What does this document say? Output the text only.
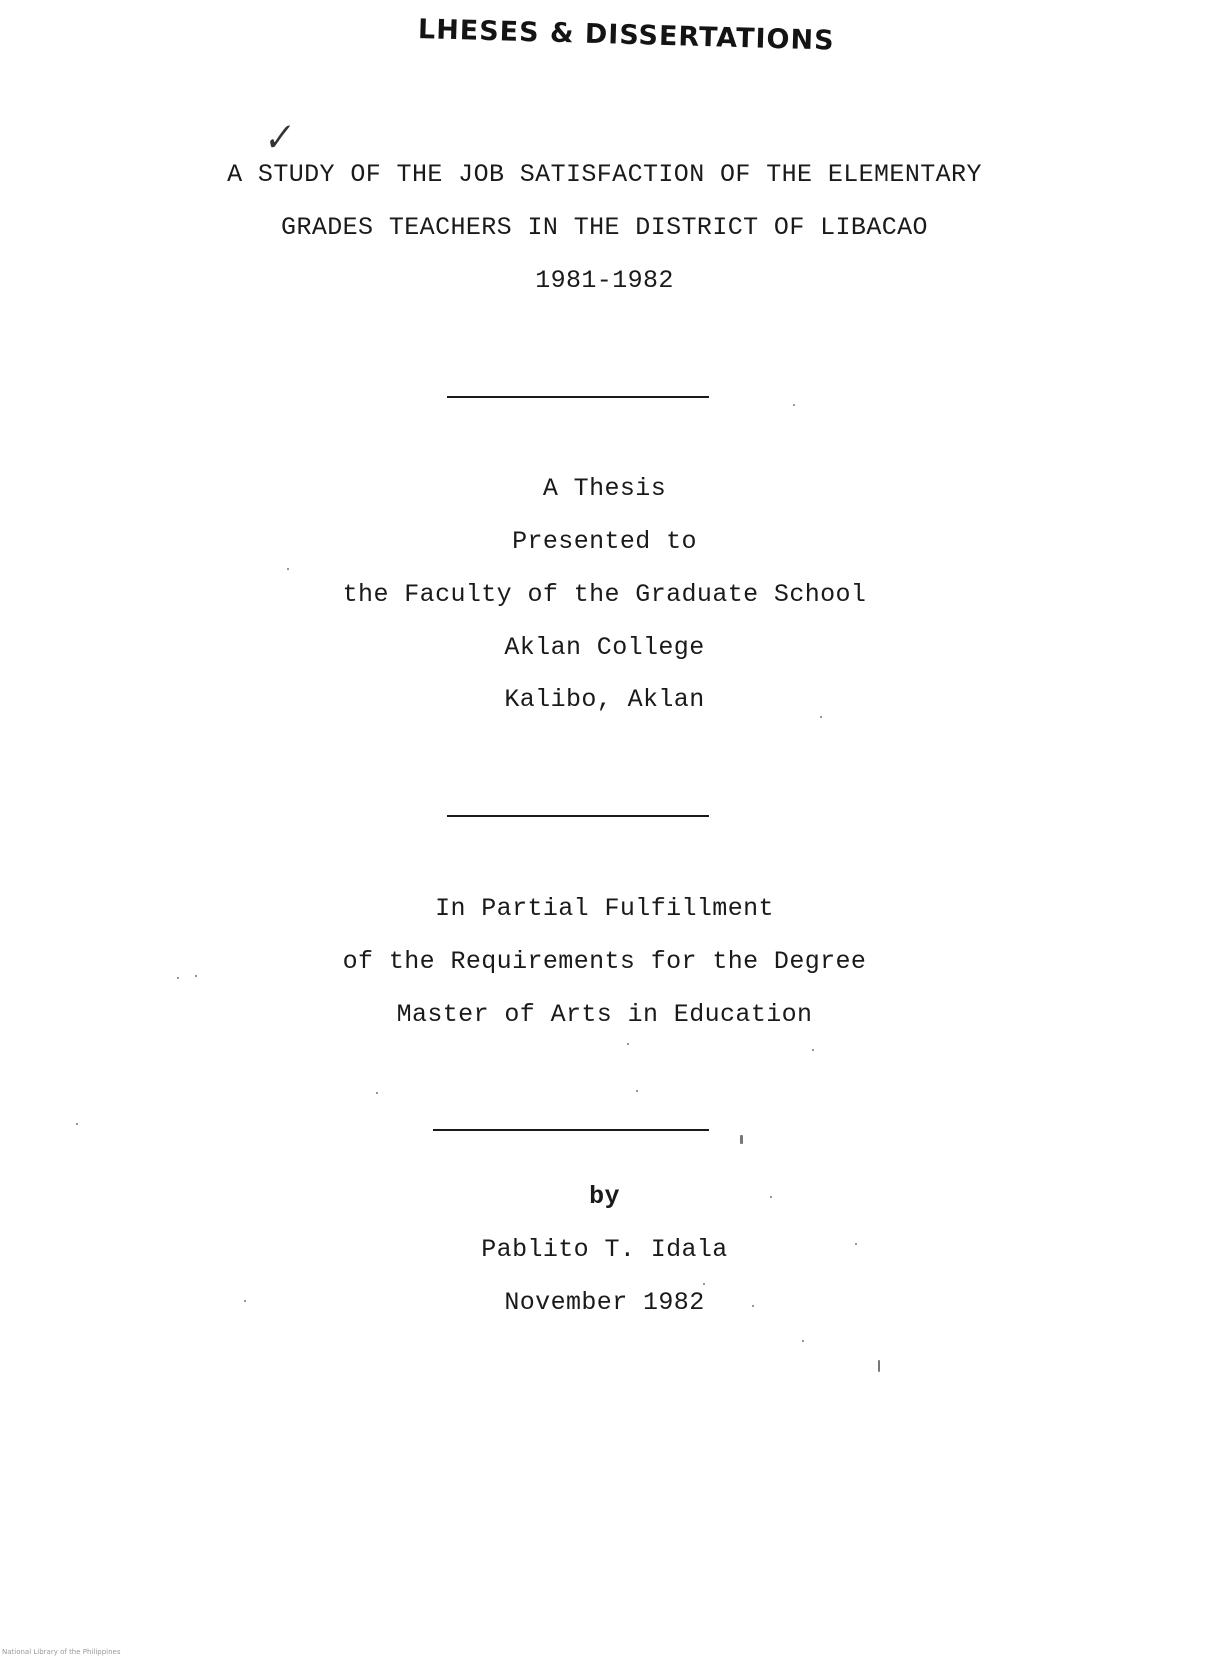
LHESES & DISSERTATIONS
✓
A STUDY OF THE JOB SATISFACTION OF THE ELEMENTARY
GRADES TEACHERS IN THE DISTRICT OF LIBACAO
1981-1982
A Thesis
Presented to
the Faculty of the Graduate School
Aklan College
Kalibo, Aklan
In Partial Fulfillment
of the Requirements for the Degree
Master of Arts in Education
by
Pablito T. Idala
November 1982
National Library of the Philippines
